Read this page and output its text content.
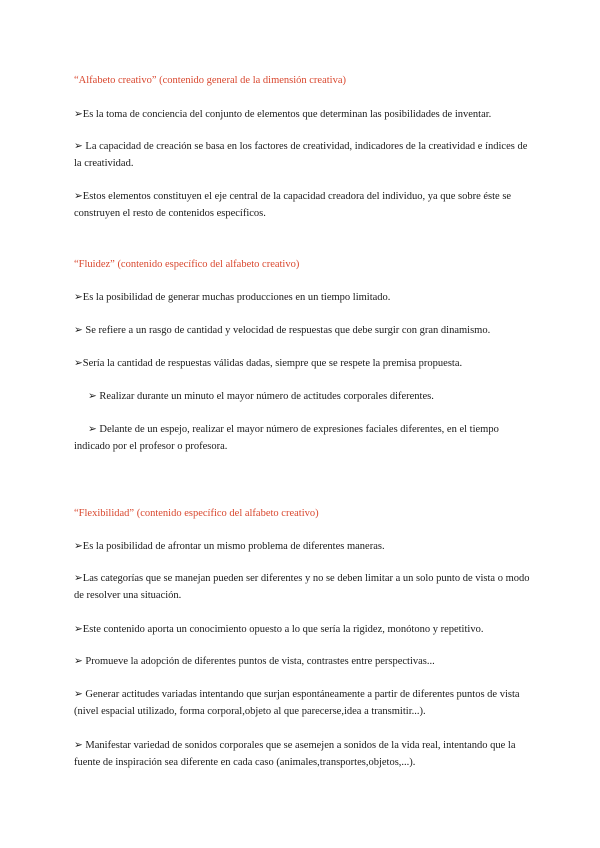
“Alfabeto creativo” (contenido general de la dimensión creativa)
➢Es la toma de conciencia del conjunto de elementos que determinan las posibilidades de inventar.
➢ La capacidad de creación se basa en los factores de creatividad, indicadores de la creatividad e índices de la creatividad.
➢Estos elementos constituyen el eje central de la capacidad creadora del individuo, ya que sobre éste se construyen el resto de contenidos específicos.
“Fluidez” (contenido específico del alfabeto creativo)
➢Es la posibilidad de generar muchas producciones en un tiempo limitado.
➢ Se refiere a un rasgo de cantidad y velocidad de respuestas que debe surgir con gran dinamismo.
➢Sería la cantidad de respuestas válidas dadas, siempre que se respete la premisa propuesta.
➢ Realizar durante un minuto el mayor número de actitudes corporales diferentes.
➢ Delante de un espejo, realizar el mayor número de expresiones faciales diferentes, en el tiempo indicado por el profesor o profesora.
“Flexibilidad” (contenido específico del alfabeto creativo)
➢Es la posibilidad de afrontar un mismo problema de diferentes maneras.
➢Las categorías que se manejan pueden ser diferentes y no se deben limitar a un solo punto de vista o modo de resolver una situación.
➢Este contenido aporta un conocimiento opuesto a lo que sería la rigidez, monótono y repetitivo.
➢ Promueve la adopción de diferentes puntos de vista, contrastes entre perspectivas...
➢ Generar actitudes variadas intentando que surjan espontáneamente a partir de diferentes puntos de vista (nivel espacial utilizado, forma corporal,objeto al que parecerse,idea a transmitir...).
➢ Manifestar variedad de sonidos corporales que se asemejen a sonidos de la vida real, intentando que la fuente de inspiración sea diferente en cada caso (animales,transportes,objetos,...).
